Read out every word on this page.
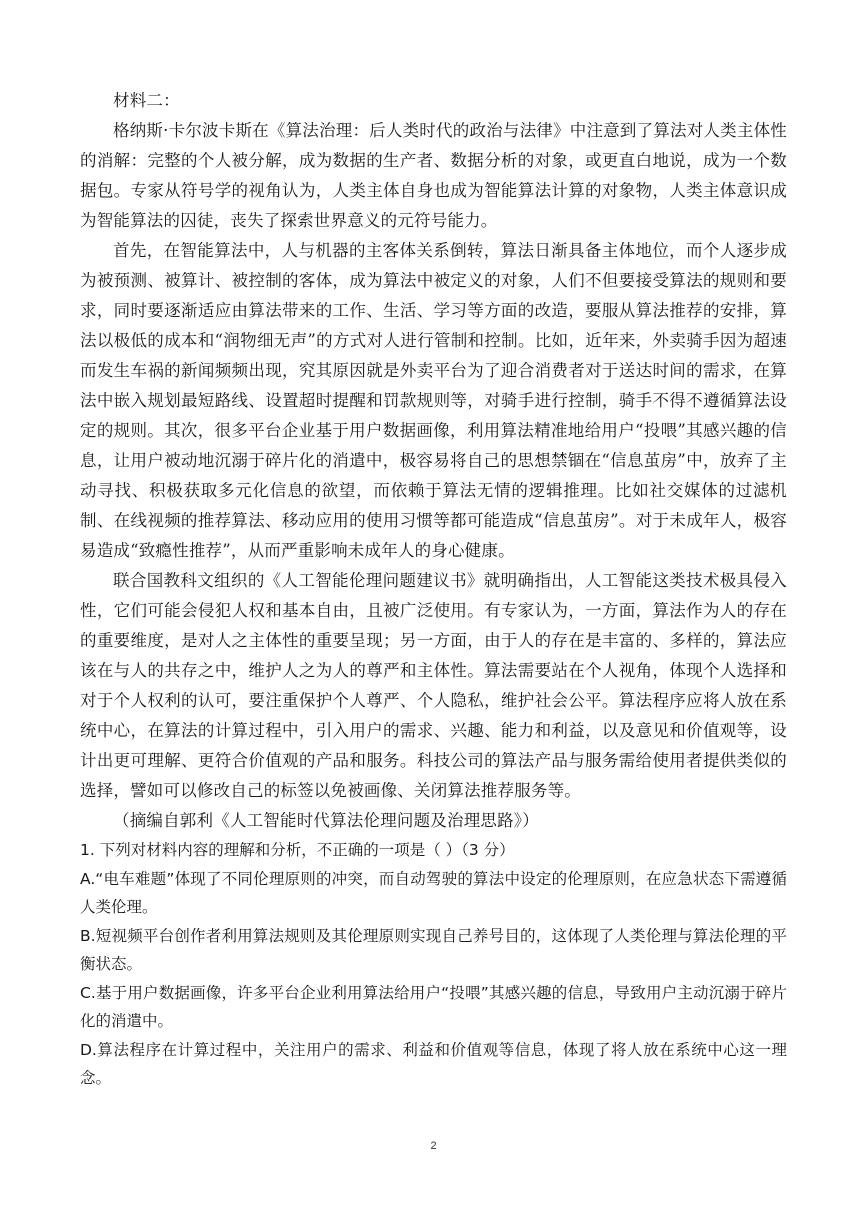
材料二：

格纳斯·卡尔波卡斯在《算法治理：后人类时代的政治与法律》中注意到了算法对人类主体性的消解：完整的个人被分解，成为数据的生产者、数据分析的对象，或更直白地说，成为一个数据包。专家从符号学的视角认为，人类主体自身也成为智能算法计算的对象物，人类主体意识成为智能算法的囚徒，丧失了探索世界意义的元符号能力。

首先，在智能算法中，人与机器的主客体关系倒转，算法日渐具备主体地位，而个人逐步成为被预测、被算计、被控制的客体，成为算法中被定义的对象，人们不但要接受算法的规则和要求，同时要逐渐适应由算法带来的工作、生活、学习等方面的改造，要服从算法推荐的安排，算法以极低的成本和“润物细无声”的方式对人进行管制和控制。比如，近年来，外卖骑手因为超速而发生车祸的新闻频频出现，究其原因就是外卖平台为了迎合消费者对于送达时间的需求，在算法中嵌入规划最短路线、设置超时提醒和罚款规则等，对骑手进行控制，骑手不得不遵循算法设定的规则。其次，很多平台企业基于用户数据画像，利用算法精准地给用户“投喂”其感兴趣的信息，让用户被动地沉溺于碎片化的消遣中，极容易将自己的思想禁锢在“信息茧房”中，放弃了主动寻找、积极获取多元化信息的欲望，而依赖于算法无情的逻辑推理。比如社交媒体的过滤机制、在线视频的推荐算法、移动应用的使用习惯等都可能造成“信息茧房”。对于未成年人，极容易造成“致瘾性推荐”，从而严重影响未成年人的身心健康。

联合国教科文组织的《人工智能伦理问题建议书》就明确指出，人工智能这类技术极具侵入性，它们可能会侵犯人权和基本自由，且被广泛使用。有专家认为，一方面，算法作为人的存在的重要维度，是对人之主体性的重要呈现；另一方面，由于人的存在是丰富的、多样的，算法应该在与人的共存之中，维护人之为人的尊严和主体性。算法需要站在个人视角，体现个人选择和对于个人权利的认可，要注重保护个人尊严、个人隐私，维护社会公平。算法程序应将人放在系统中心，在算法的计算过程中，引入用户的需求、兴趣、能力和利益，以及意见和价值观等，设计出更可理解、更符合价值观的产品和服务。科技公司的算法产品与服务需给使用者提供类似的选择，譬如可以修改自己的标签以免被画像、关闭算法推荐服务等。

（摘编自郭利《人工智能时代算法伦理问题及治理思路》）

1. 下列对材料内容的理解和分析，不正确的一项是（ ）（3 分）

A.“电车难题”体现了不同伦理原则的冲突，而自动驾驶的算法中设定的伦理原则，在应急状态下需遵循人类伦理。

B.短视频平台创作者利用算法规则及其伦理原则实现自己养号目的，这体现了人类伦理与算法伦理的平衡状态。

C.基于用户数据画像，许多平台企业利用算法给用户“投喂”其感兴趣的信息，导致用户主动沉溺于碎片化的消遣中。

D.算法程序在计算过程中，关注用户的需求、利益和价值观等信息，体现了将人放在系统中心这一理念。

2
